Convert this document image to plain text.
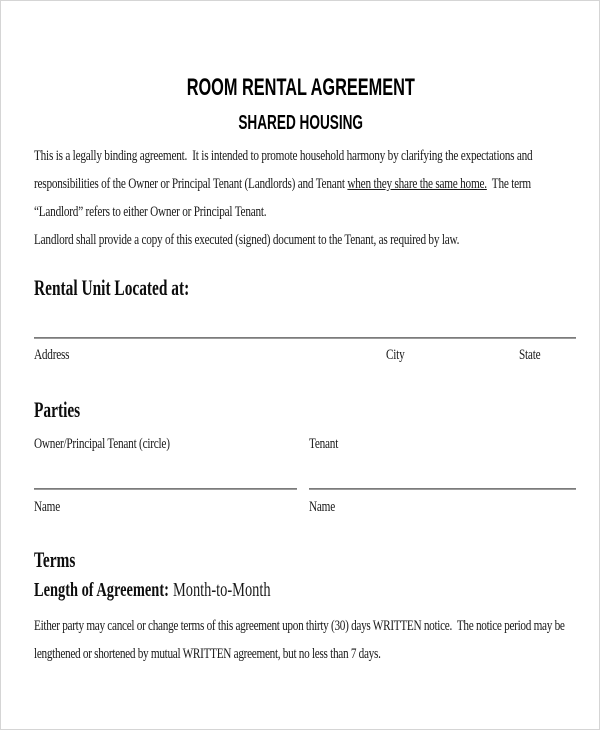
ROOM RENTAL AGREEMENT
SHARED HOUSING
This is a legally binding agreement.  It is intended to promote household harmony by clarifying the expectations and responsibilities of the Owner or Principal Tenant (Landlords) and Tenant when they share the same home.  The term “Landlord” refers to either Owner or Principal Tenant.
Landlord shall provide a copy of this executed (signed) document to the Tenant, as required by law.
Rental Unit Located at:
Address	City	State
Parties
Owner/Principal Tenant (circle)	Tenant
Name	Name
Terms
Length of Agreement: Month-to-Month
Either party may cancel or change terms of this agreement upon thirty (30) days WRITTEN notice.  The notice period may be lengthened or shortened by mutual WRITTEN agreement, but no less than 7 days.
